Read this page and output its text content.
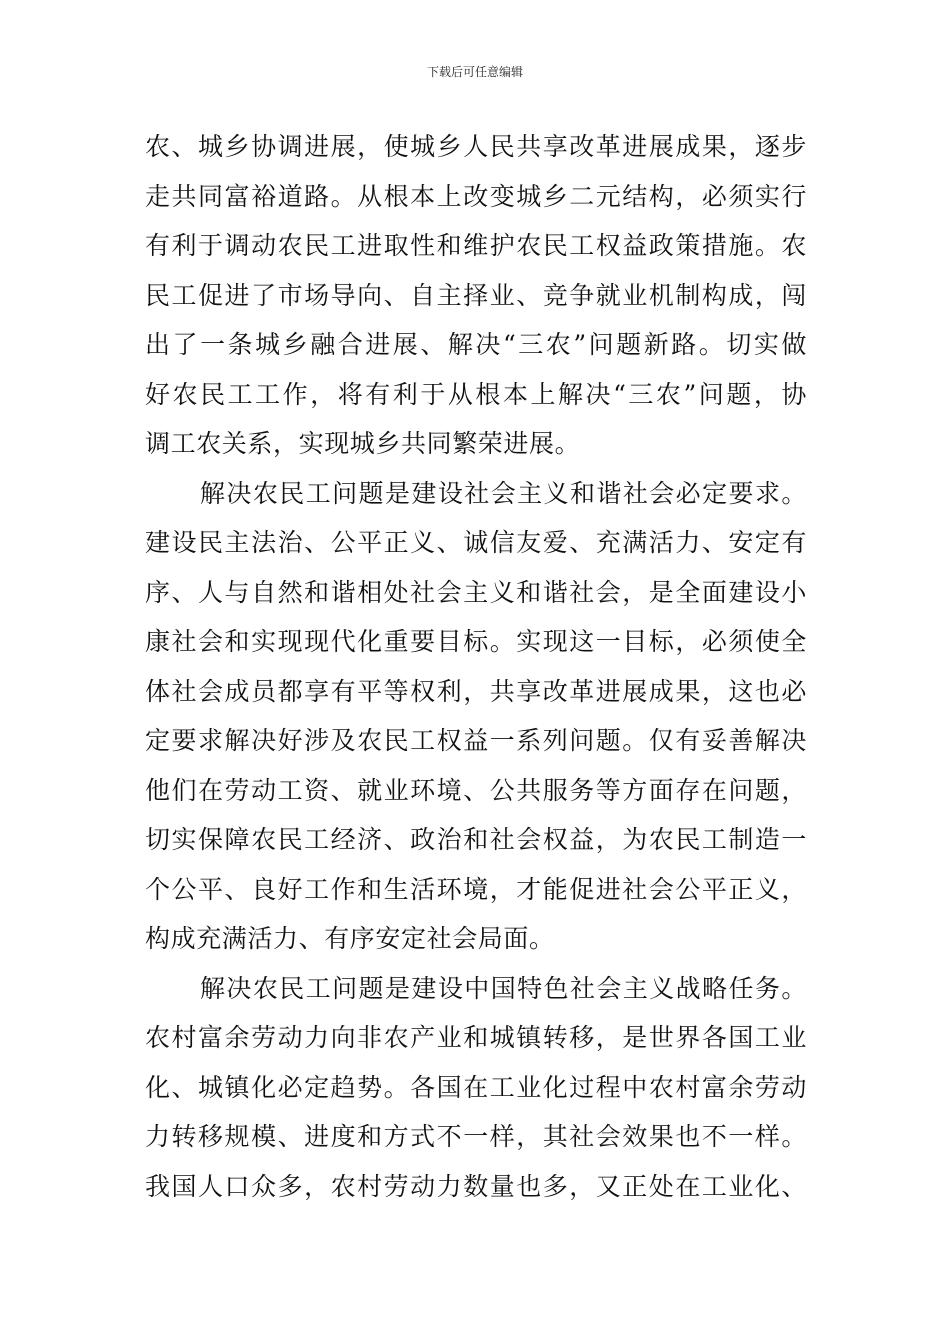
下载后可任意编辑
农、城乡协调进展，使城乡人民共享改革进展成果，逐步
走共同富裕道路。从根本上改变城乡二元结构，必须实行
有利于调动农民工进取性和维护农民工权益政策措施。农
民工促进了市场导向、自主择业、竞争就业机制构成，闯
出了一条城乡融合进展、解决“三农”问题新路。切实做
好农民工工作，将有利于从根本上解决“三农”问题，协
调工农关系，实现城乡共同繁荣进展。
解决农民工问题是建设社会主义和谐社会必定要求。
建设民主法治、公平正义、诚信友爱、充满活力、安定有
序、人与自然和谐相处社会主义和谐社会，是全面建设小
康社会和实现现代化重要目标。实现这一目标，必须使全
体社会成员都享有平等权利，共享改革进展成果，这也必
定要求解决好涉及农民工权益一系列问题。仅有妥善解决
他们在劳动工资、就业环境、公共服务等方面存在问题，
切实保障农民工经济、政治和社会权益，为农民工制造一
个公平、良好工作和生活环境，才能促进社会公平正义，
构成充满活力、有序安定社会局面。
解决农民工问题是建设中国特色社会主义战略任务。
农村富余劳动力向非农产业和城镇转移，是世界各国工业
化、城镇化必定趋势。各国在工业化过程中农村富余劳动
力转移规模、进度和方式不一样，其社会效果也不一样。
我国人口众多，农村劳动力数量也多，又正处在工业化、
